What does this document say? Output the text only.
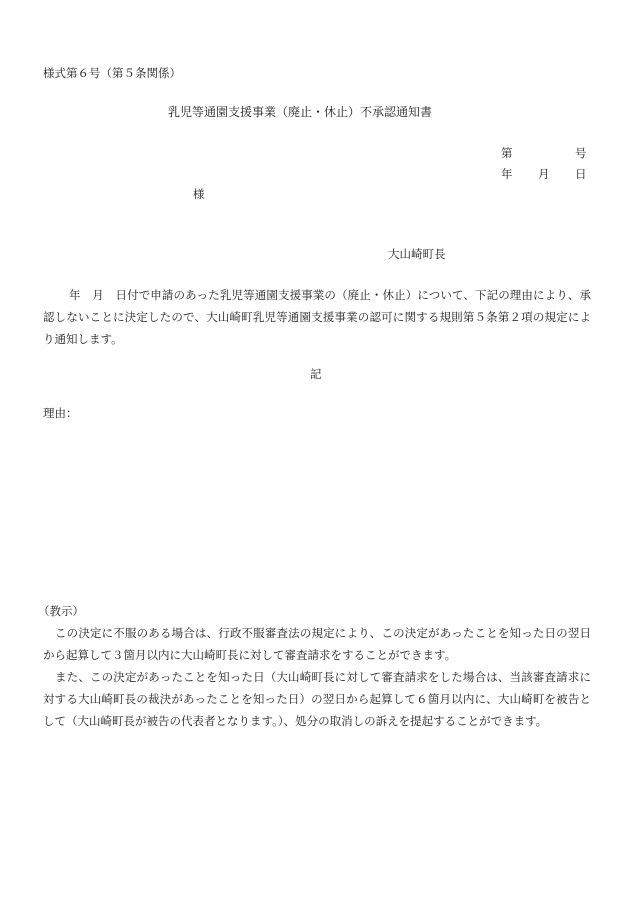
様式第６号（第５条関係）
乳児等通園支援事業（廃止・休止）不承認通知書
第	号
年 月 日
様
大山崎町長
年　月　日付で申請のあった乳児等通園支援事業の（廃止・休止）について、下記の理由により、承認しないことに決定したので、大山崎町乳児等通園支援事業の認可に関する規則第５条第２項の規定により通知します。
記
理由：
（教示）
この決定に不服のある場合は、行政不服審査法の規定により、この決定があったことを知った日の翌日から起算して３箇月以内に大山崎町長に対して審査請求をすることができます。
また、この決定があったことを知った日（大山崎町長に対して審査請求をした場合は、当該審査請求に対する大山崎町長の裁決があったことを知った日）の翌日から起算して６箇月以内に、大山崎町を被告として（大山崎町長が被告の代表者となります。）、処分の取消しの訴えを提起することができます。
